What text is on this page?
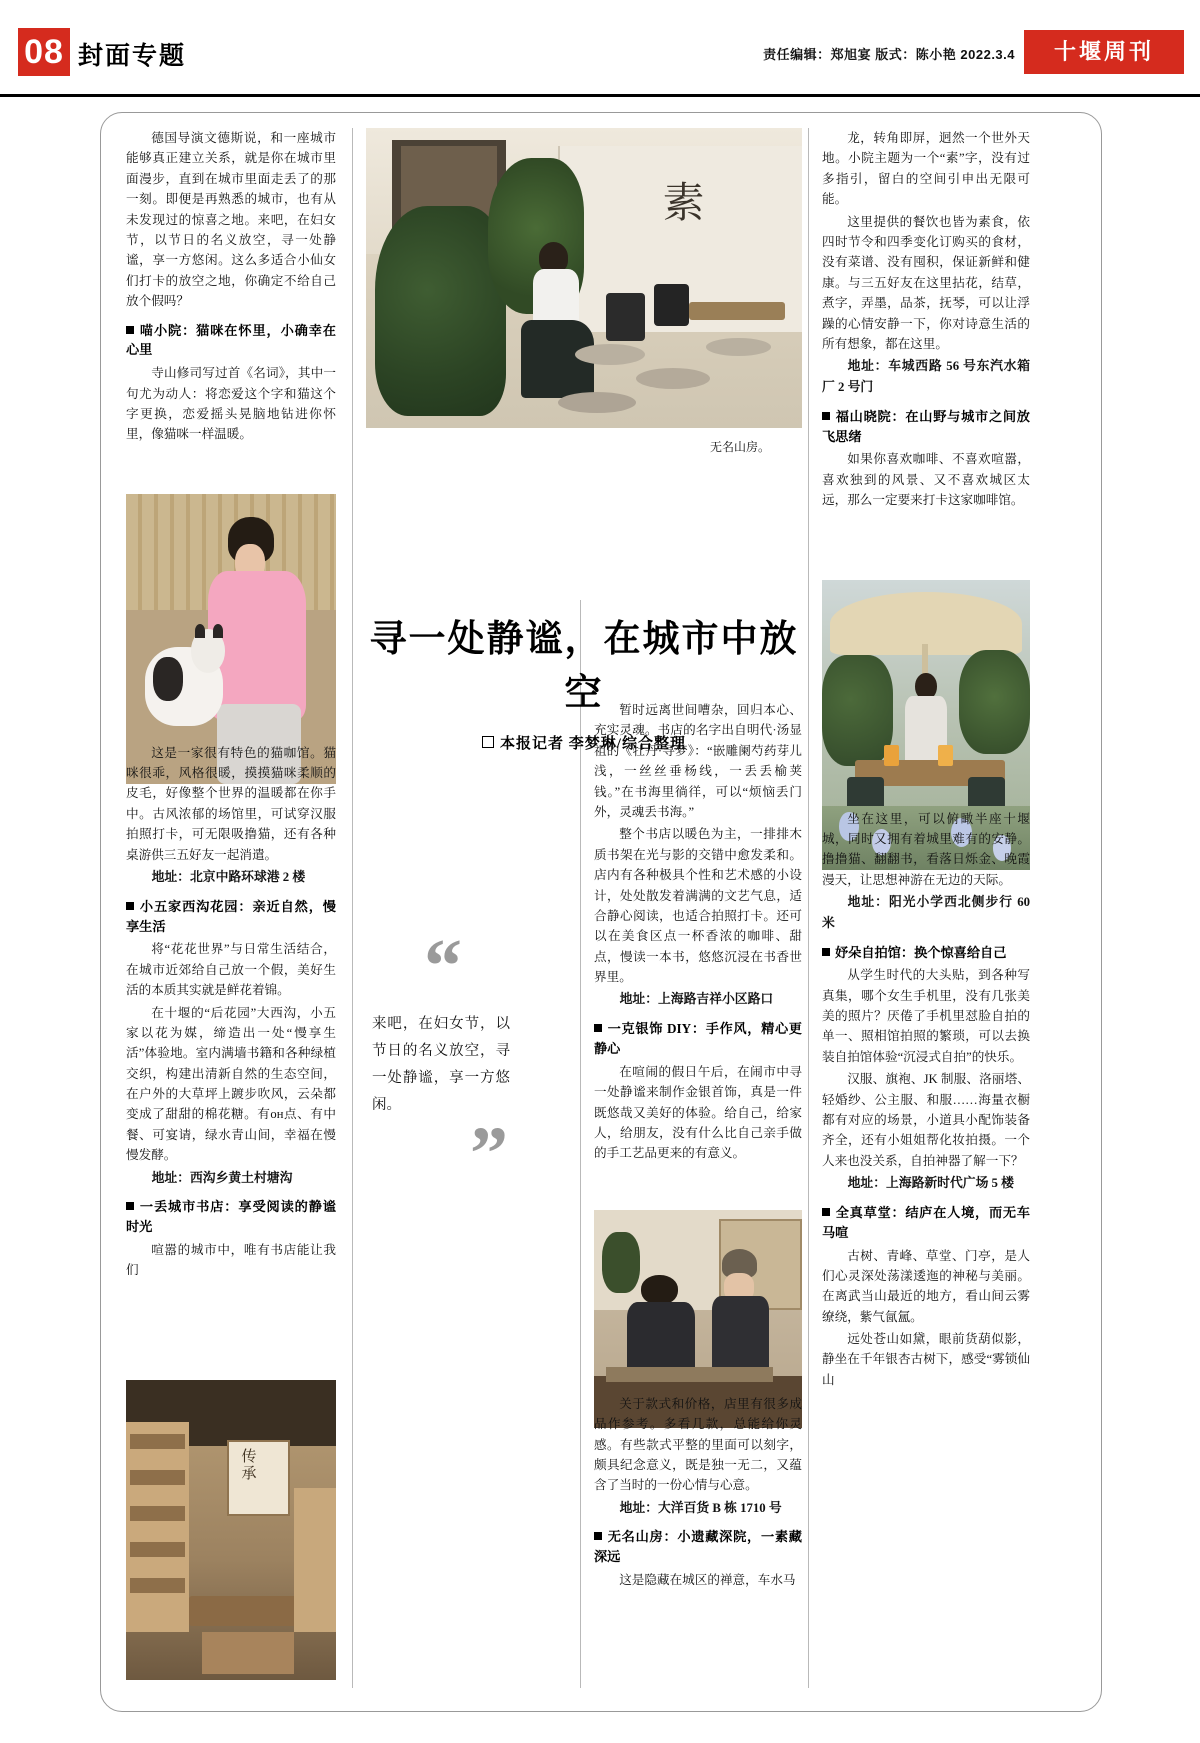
08 封面专题	责任编辑：郑旭宴 版式：陈小艳 2022.3.4	十堰周刊
素
无名山房。
传
承
寻一处静谧，在城市中放空
本报记者 李梦琳/综合整理
“
来吧，在妇女节，以节日的名义放空，寻一处静谧，享一方悠闲。
”

德国导演文德斯说，和一座城市能够真正建立关系，就是你在城市里面漫步，直到在城市里面走丢了的那一刻。即便是再熟悉的城市，也有从未发现过的惊喜之地。来吧，在妇女节，以节日的名义放空，寻一处静谧，享一方悠闲。这么多适合小仙女们打卡的放空之地，你确定不给自己放个假吗？

喵小院：猫咪在怀里，小确幸在心里

寺山修司写过首《名词》，其中一句尤为动人：将恋爱这个字和猫这个字更换，恋爱摇头晃脑地钻进你怀里，像猫咪一样温暖。

这是一家很有特色的猫咖馆。猫咪很乖，风格很暖，摸摸猫咪柔顺的皮毛，好像整个世界的温暖都在你手中。古风浓郁的场馆里，可试穿汉服拍照打卡，可无限吸撸猫，还有各种桌游供三五好友一起消遣。

地址：北京中路环球港 2 楼

小五家西沟花园：亲近自然，慢享生活

将“花花世界”与日常生活结合，在城市近郊给自己放一个假，美好生活的本质其实就是鲜花着锦。

在十堰的“后花园”大西沟，小五家以花为媒，缔造出一处“慢享生活”体验地。室内满墙书籍和各种绿植交织，构建出清新自然的生态空间，在户外的大草坪上踱步吹风，云朵都变成了甜甜的棉花糖。有он点、有中餐、可宴请，绿水青山间，幸福在慢慢发酵。

地址：西沟乡黄土村塘沟

一丢城市书店：享受阅读的静谧时光

喧嚣的城市中，唯有书店能让我们

暂时远离世间嘈杂，回归本心、充实灵魂。书店的名字出自明代·汤显祖的《牡丹·寻梦》：“嵌雕阑芍药芽儿浅，一丝丝垂杨线，一丢丢榆荚钱。”在书海里徜徉，可以“烦恼丢门外，灵魂丢书海。”

整个书店以暖色为主，一排排木质书架在光与影的交错中愈发柔和。店内有各种极具个性和艺术感的小设计，处处散发着满满的文艺气息，适合静心阅读，也适合拍照打卡。还可以在美食区点一杯香浓的咖啡、甜点，慢读一本书，悠悠沉浸在书香世界里。

地址：上海路吉祥小区路口

一克银饰 DIY：手作风，精心更静心

在喧闹的假日午后，在闹市中寻一处静谧来制作金银首饰，真是一件既悠哉又美好的体验。给自己，给家人，给朋友，没有什么比自己亲手做的手工艺品更来的有意义。

关于款式和价格，店里有很多成品作参考。多看几款，总能给你灵感。有些款式平整的里面可以刻字，颇具纪念意义，既是独一无二，又蕴含了当时的一份心情与心意。

地址：大洋百货 B 栋 1710 号

无名山房：小遗藏深院，一素藏深远

这是隐藏在城区的禅意，车水马

龙，转角即屏，迥然一个世外天地。小院主题为一个“素”字，没有过多指引，留白的空间引申出无限可能。

这里提供的餐饮也皆为素食，依四时节令和四季变化订购买的食材，没有菜谱、没有囤积，保证新鲜和健康。与三五好友在这里拈花，结草，煮字，弄墨，品茶，抚琴，可以让浮躁的心情安静一下，你对诗意生活的所有想象，都在这里。

地址：车城西路 56 号东汽水箱厂 2 号门

福山晓院：在山野与城市之间放飞思绪

如果你喜欢咖啡、不喜欢喧嚣，喜欢独到的风景、又不喜欢城区太远，那么一定要来打卡这家咖啡馆。

坐在这里，可以俯瞰半座十堰城，同时又拥有着城里难有的安静。撸撸猫、翻翻书，看落日烁金、晚霞漫天，让思想神游在无边的天际。

地址：阳光小学西北侧步行 60 米

妤朵自拍馆：换个惊喜给自己

从学生时代的大头贴，到各种写真集，哪个女生手机里，没有几张美美的照片？厌倦了手机里怼脸自拍的单一、照相馆拍照的繁琐，可以去换装自拍馆体验“沉浸式自拍”的快乐。

汉服、旗袍、JK 制服、洛丽塔、轻婚纱、公主服、和服……海量衣橱都有对应的场景，小道具小配饰装备齐全，还有小姐姐帮化妆拍摄。一个人来也没关系，自拍神器了解一下？

地址：上海路新时代广场 5 楼

全真草堂：结庐在人境，而无车马喧

古树、青峰、草堂、门亭，是人们心灵深处荡漾逶迤的神秘与美丽。在离武当山最近的地方，看山间云雾缭绕，紫气氤氲。

远处苍山如黛，眼前货葫似影，静坐在千年银杏古树下，感受“雾锁仙山
